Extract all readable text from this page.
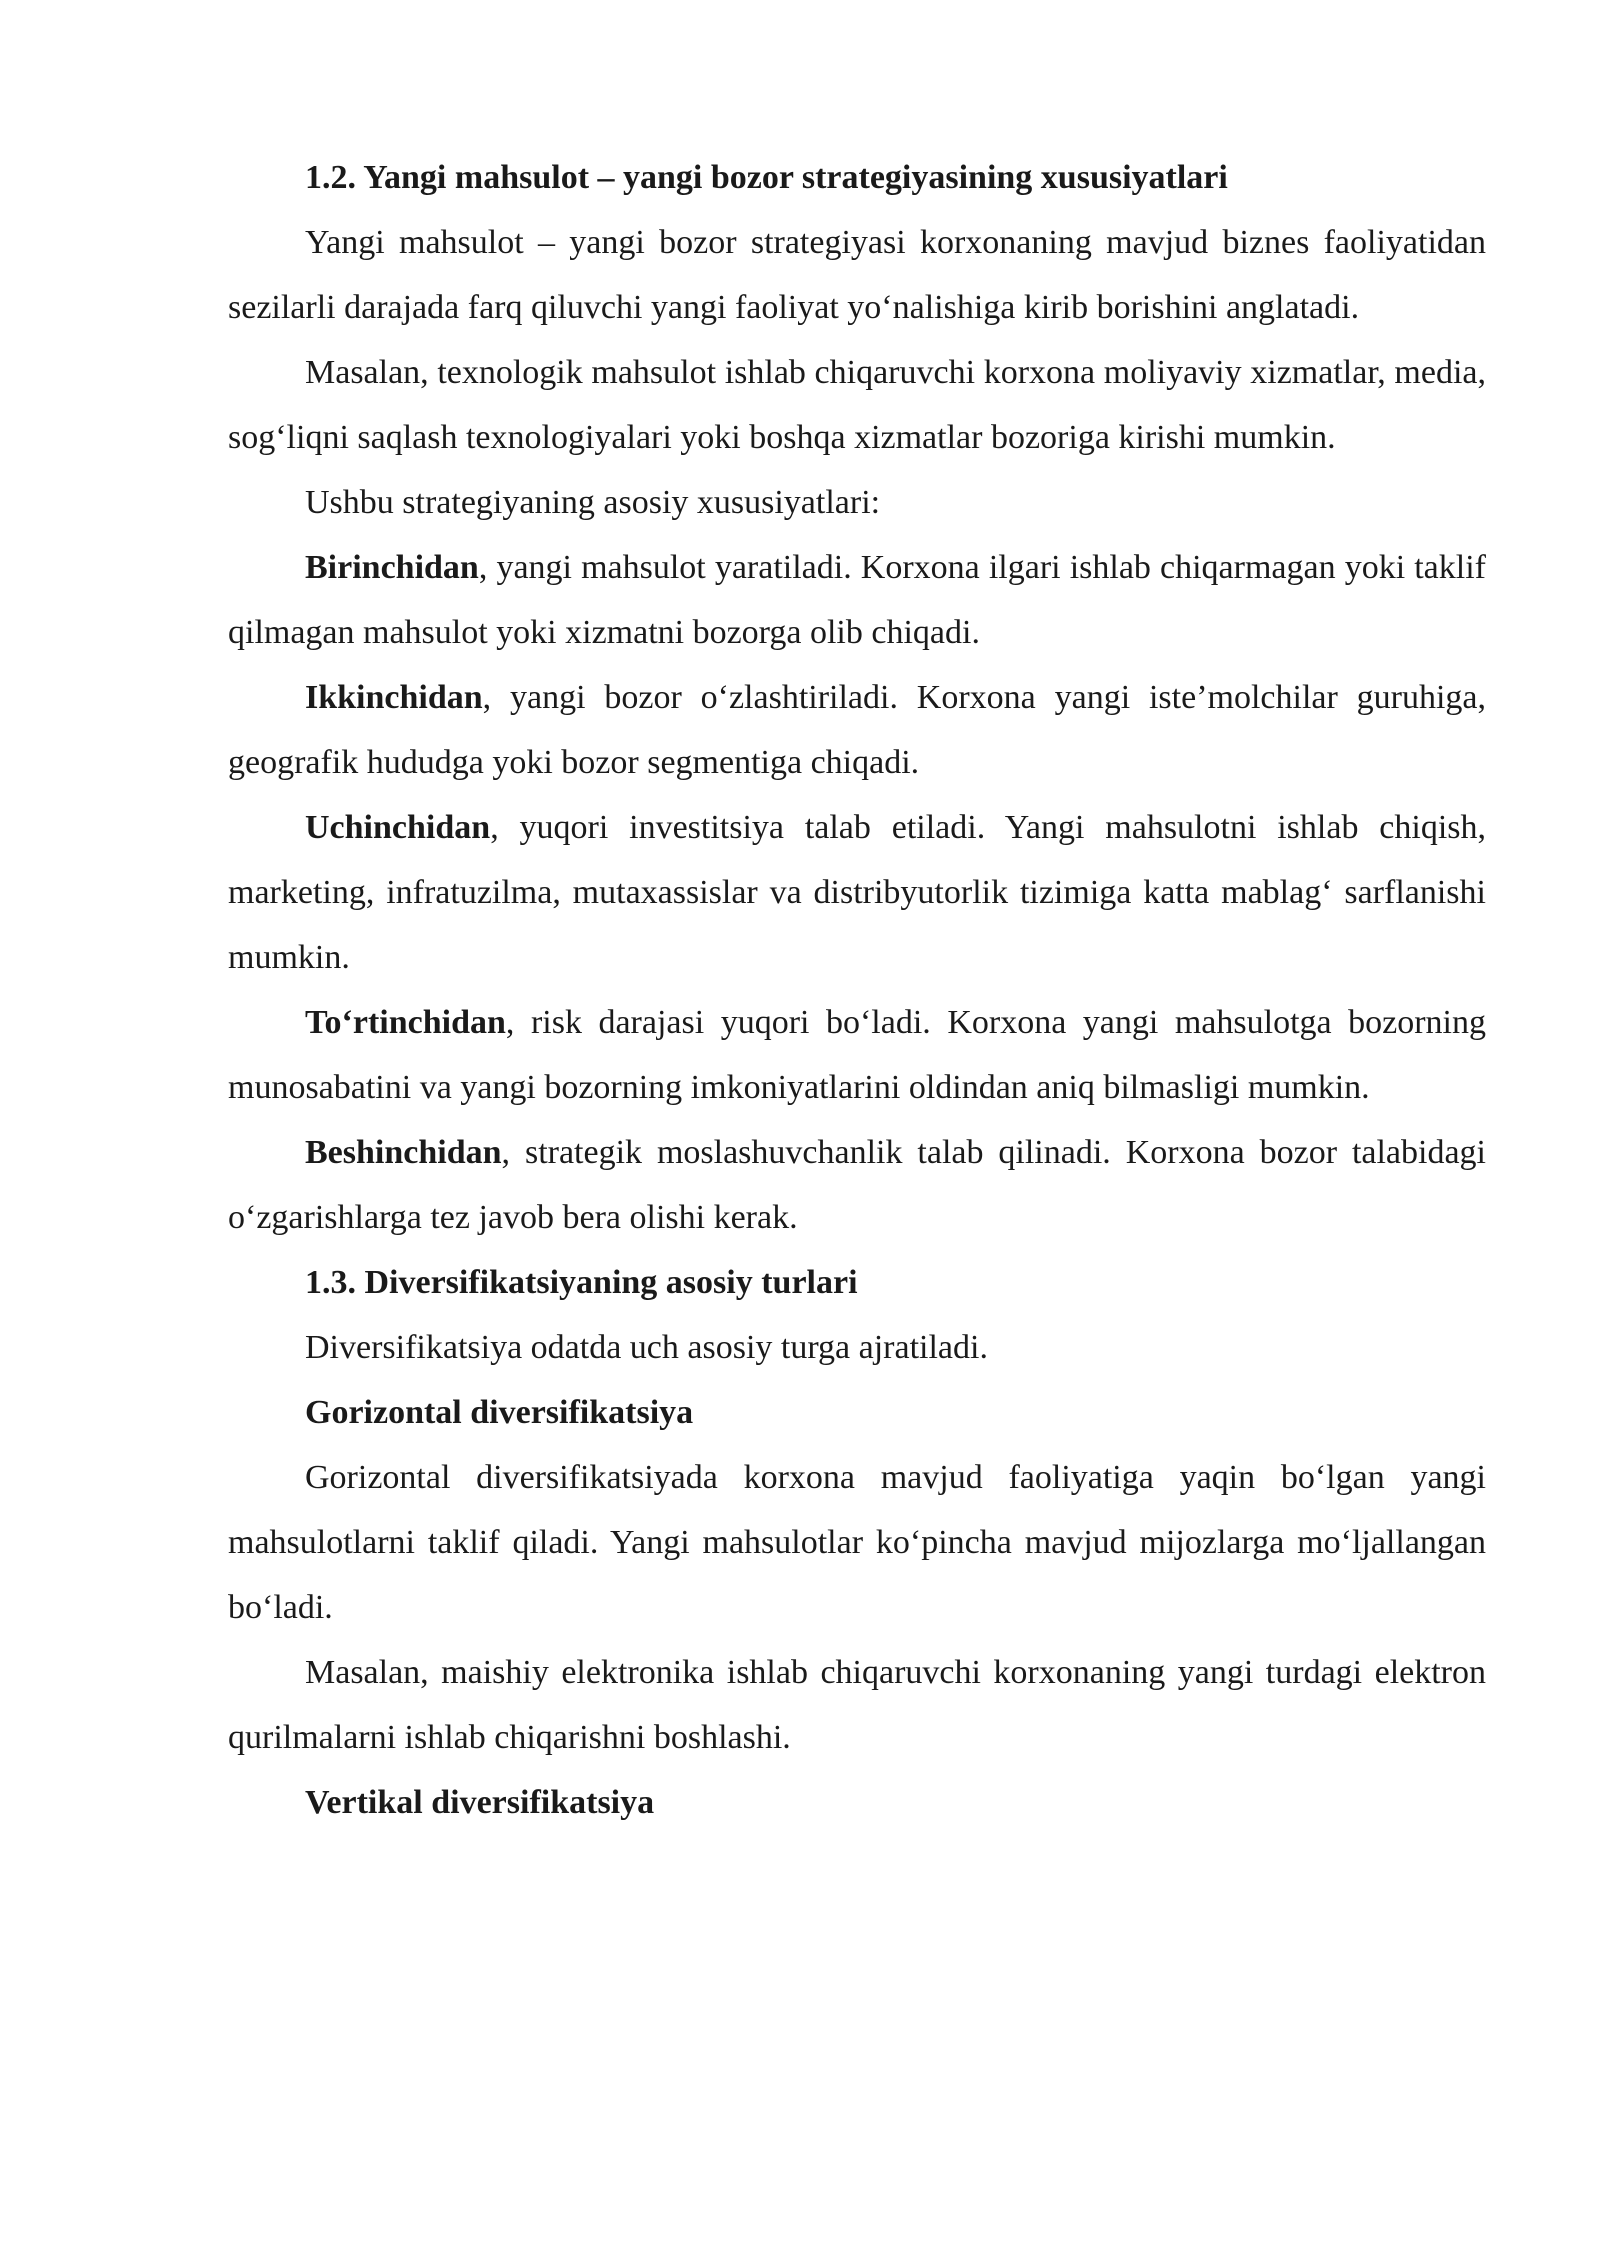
1.2. Yangi mahsulot – yangi bozor strategiyasining xususiyatlari

Yangi mahsulot – yangi bozor strategiyasi korxonaning mavjud biznes faoliyatidan sezilarli darajada farq qiluvchi yangi faoliyat yo‘nalishiga kirib borishini anglatadi.

Masalan, texnologik mahsulot ishlab chiqaruvchi korxona moliyaviy xizmatlar, media, sog‘liqni saqlash texnologiyalari yoki boshqa xizmatlar bozoriga kirishi mumkin.

Ushbu strategiyaning asosiy xususiyatlari:

Birinchidan, yangi mahsulot yaratiladi. Korxona ilgari ishlab chiqarmagan yoki taklif qilmagan mahsulot yoki xizmatni bozorga olib chiqadi.

Ikkinchidan, yangi bozor o‘zlashtiriladi. Korxona yangi iste’molchilar guruhiga, geografik hududga yoki bozor segmentiga chiqadi.

Uchinchidan, yuqori investitsiya talab etiladi. Yangi mahsulotni ishlab chiqish, marketing, infratuzilma, mutaxassislar va distribyutorlik tizimiga katta mablag‘ sarflanishi mumkin.

To‘rtinchidan, risk darajasi yuqori bo‘ladi. Korxona yangi mahsulotga bozorning munosabatini va yangi bozorning imkoniyatlarini oldindan aniq bilmasligi mumkin.

Beshinchidan, strategik moslashuvchanlik talab qilinadi. Korxona bozor talabidagi o‘zgarishlarga tez javob bera olishi kerak.

1.3. Diversifikatsiyaning asosiy turlari

Diversifikatsiya odatda uch asosiy turga ajratiladi.

Gorizontal diversifikatsiya

Gorizontal diversifikatsiyada korxona mavjud faoliyatiga yaqin bo‘lgan yangi mahsulotlarni taklif qiladi. Yangi mahsulotlar ko‘pincha mavjud mijozlarga mo‘ljallangan bo‘ladi.

Masalan, maishiy elektronika ishlab chiqaruvchi korxonaning yangi turdagi elektron qurilmalarni ishlab chiqarishni boshlashi.

Vertikal diversifikatsiya
